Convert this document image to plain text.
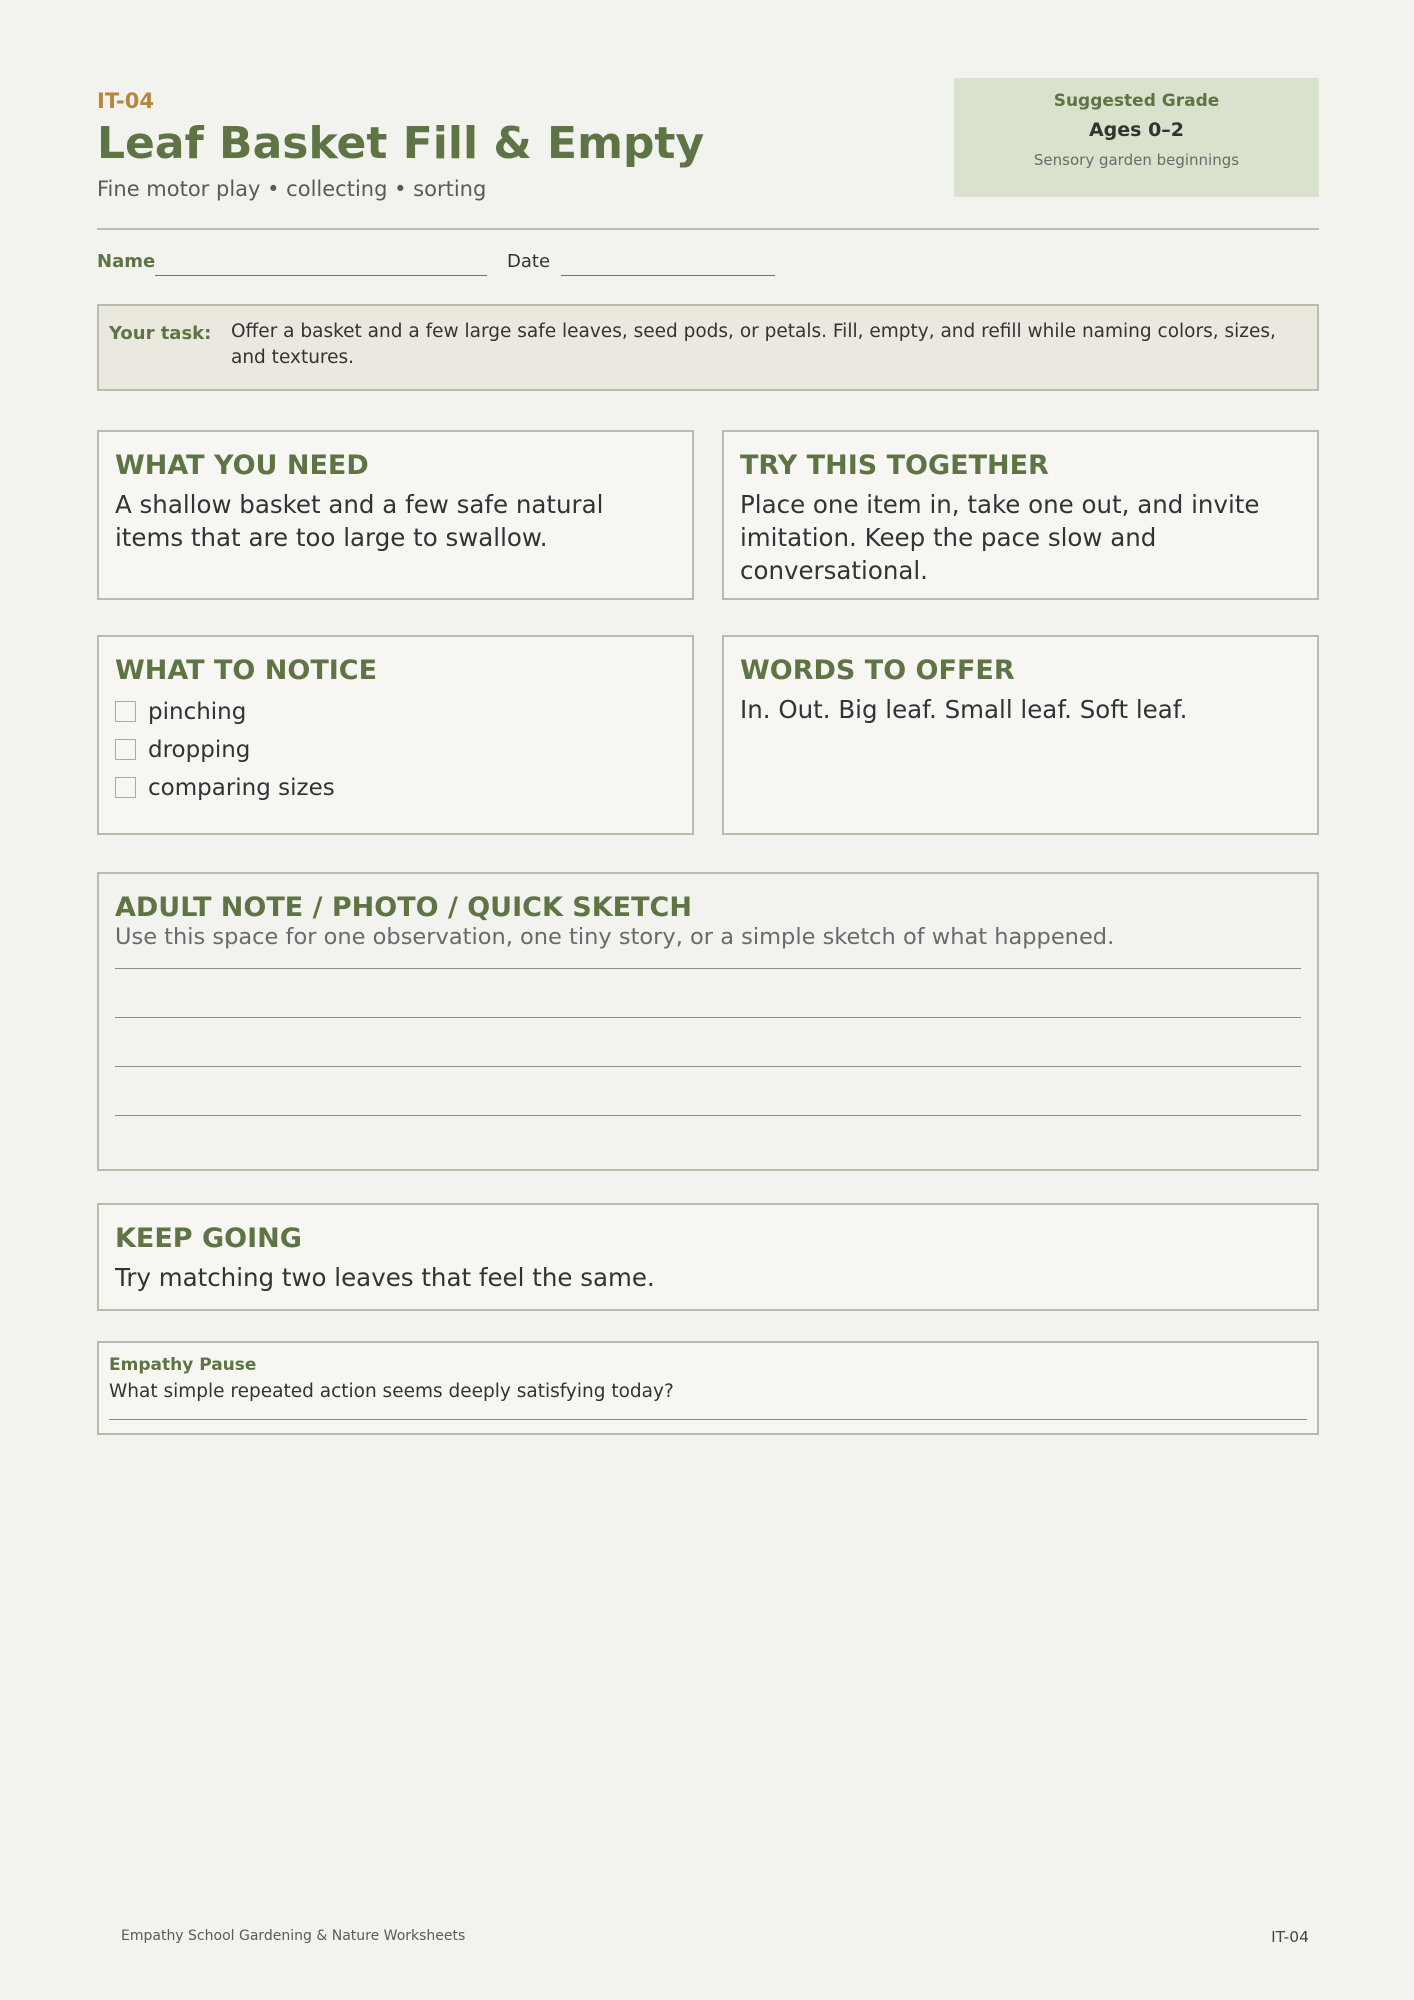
IT-04
Leaf Basket Fill & Empty
Fine motor play • collecting • sorting
Suggested Grade
Ages 0–2
Sensory garden beginnings
Name	Date
Your task: Offer a basket and a few large safe leaves, seed pods, or petals. Fill, empty, and refill while naming colors, sizes, and textures.
WHAT YOU NEED
A shallow basket and a few safe natural items that are too large to swallow.
TRY THIS TOGETHER
Place one item in, take one out, and invite imitation. Keep the pace slow and conversational.
WHAT TO NOTICE
pinching
dropping
comparing sizes
WORDS TO OFFER
In. Out. Big leaf. Small leaf. Soft leaf.
ADULT NOTE / PHOTO / QUICK SKETCH
Use this space for one observation, one tiny story, or a simple sketch of what happened.
KEEP GOING
Try matching two leaves that feel the same.
Empathy Pause
What simple repeated action seems deeply satisfying today?
Empathy School Gardening & Nature Worksheets	IT-04
